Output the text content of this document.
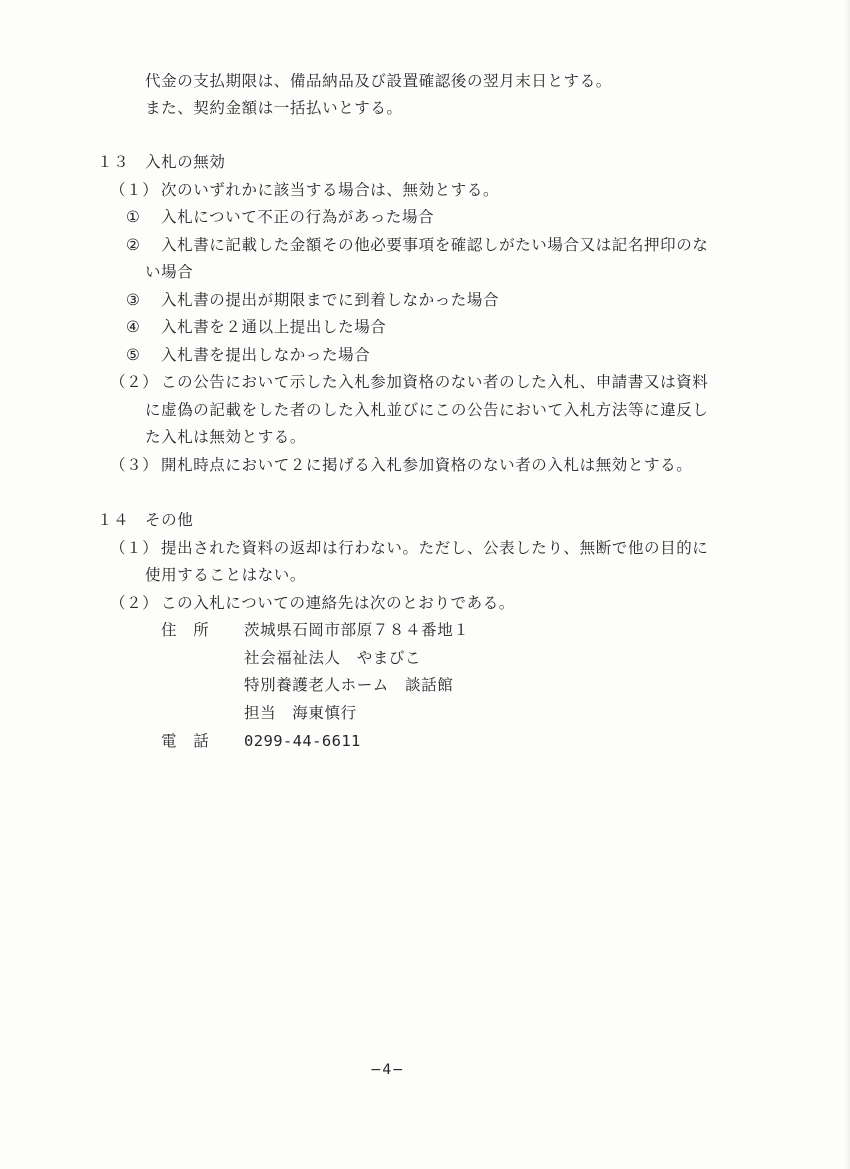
代金の支払期限は、備品納品及び設置確認後の翌月末日とする。
また、契約金額は一括払いとする。
１３ 入札の無効
（１） 次のいずれかに該当する場合は、無効とする。
① 入札について不正の行為があった場合
② 入札書に記載した金額その他必要事項を確認しがたい場合又は記名押印のな
い場合
③ 入札書の提出が期限までに到着しなかった場合
④ 入札書を２通以上提出した場合
⑤ 入札書を提出しなかった場合
（２） この公告において示した入札参加資格のない者のした入札、申請書又は資料
に虚偽の記載をした者のした入札並びにこの公告において入札方法等に違反し
た入札は無効とする。
（３） 開札時点において２に掲げる入札参加資格のない者の入札は無効とする。
１４ その他
（１） 提出された資料の返却は行わない。ただし、公表したり、無断で他の目的に
使用することはない。
（２） この入札についての連絡先は次のとおりである。
住　所 茨城県石岡市部原７８４番地１
社会福祉法人　やまびこ
特別養護老人ホーム　談話館
担当　海東慎行
電　話 0299-44-6611
−4−
